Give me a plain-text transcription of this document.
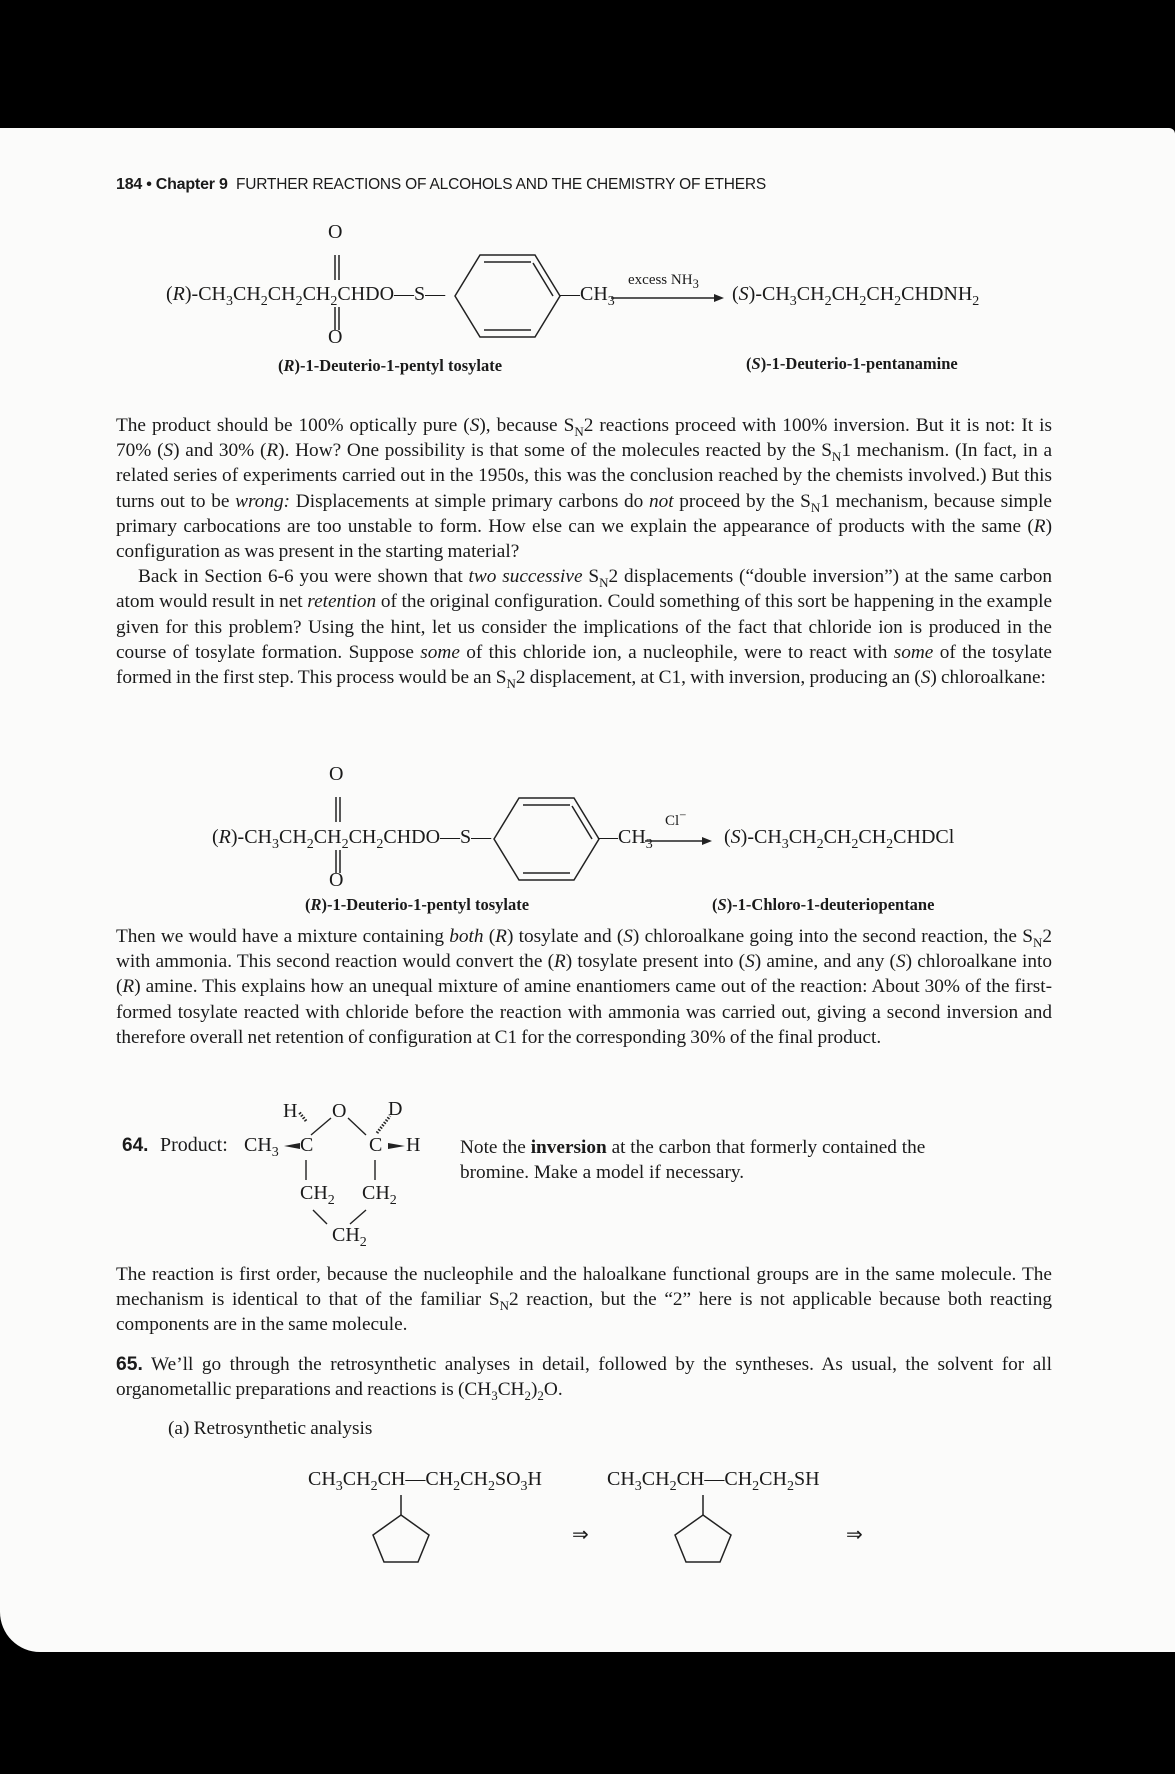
184 • Chapter 9 FURTHER REACTIONS OF ALCOHOLS AND THE CHEMISTRY OF ETHERS
O
$(R)-CH_3CH_2CH_2CH_2CHDO—S—$	$—CH_3$
O
excess $NH_3$ $(S)-CH_3CH_2CH_2CH_2CHDNH_2$
(R)-1-Deuterio-1-pentyl tosylate	(S)-1-Deuterio-1-pentanamine

The product should be 100% optically pure (S), because $S_N2$ reactions proceed with 100% inversion. But it is not: It is 70% (S) and 30% (R). How? One possibility is that some of the molecules reacted by the $S_N1$ mechanism. (In fact, in a related series of experiments carried out in the 1950s, this was the conclusion reached by the chemists involved.) But this turns out to be wrong: Displacements at simple primary carbons do not proceed by the $S_N1$ mechanism, because simple primary carbocations are too unstable to form. How else can we explain the appearance of products with the same (R) configuration as was present in the starting material?

Back in Section 6-6 you were shown that two successive $S_N2$ displacements (“double inversion”) at the same carbon atom would result in net retention of the original configuration. Could something of this sort be happening in the example given for this problem? Using the hint, let us consider the implications of the fact that chloride ion is produced in the course of tosylate formation. Suppose some of this chloride ion, a nucleophile, were to react with some of the tosylate formed in the first step. This process would be an $S_N2$ displacement, at C1, with inversion, producing an (S) chloroalkane:

O
$(R)-CH_3CH_2CH_2CH_2CHDO—S—$	$—CH_3$
O
Cl−
$(S)-CH_3CH_2CH_2CH_2CHDCl$
(R)-1-Deuterio-1-pentyl tosylate	(S)-1-Chloro-1-deuteriopentane

Then we would have a mixture containing both (R) tosylate and (S) chloroalkane going into the second reaction, the $S_N2$ with ammonia. This second reaction would convert the (R) tosylate present into (S) amine, and any (S) chloroalkane into (R) amine. This explains how an unequal mixture of amine enantiomers came out of the reaction: About 30% of the first-formed tosylate reacted with chloride before the reaction with ammonia was carried out, giving a second inversion and therefore overall net retention of configuration at C1 for the corresponding 30% of the final product.

64. Product: $CH_3$
H O D
C	C H
$CH_2$ $CH_2$
$CH_2$
Note the inversion at the carbon that formerly contained the
bromine. Make a model if necessary.

The reaction is first order, because the nucleophile and the haloalkane functional groups are in the same molecule. The mechanism is identical to that of the familiar $S_N2$ reaction, but the “2” here is not applicable because both reacting components are in the same molecule.

65. We’ll go through the retrosynthetic analyses in detail, followed by the syntheses. As usual, the solvent for all organometallic preparations and reactions is $(CH_3CH_2)_2O$.

(a) Retrosynthetic analysis

$CH_3CH_2CH—CH_2CH_2SO_3H$	$CH_3CH_2CH—CH_2CH_2SH$
⇒	⇒
